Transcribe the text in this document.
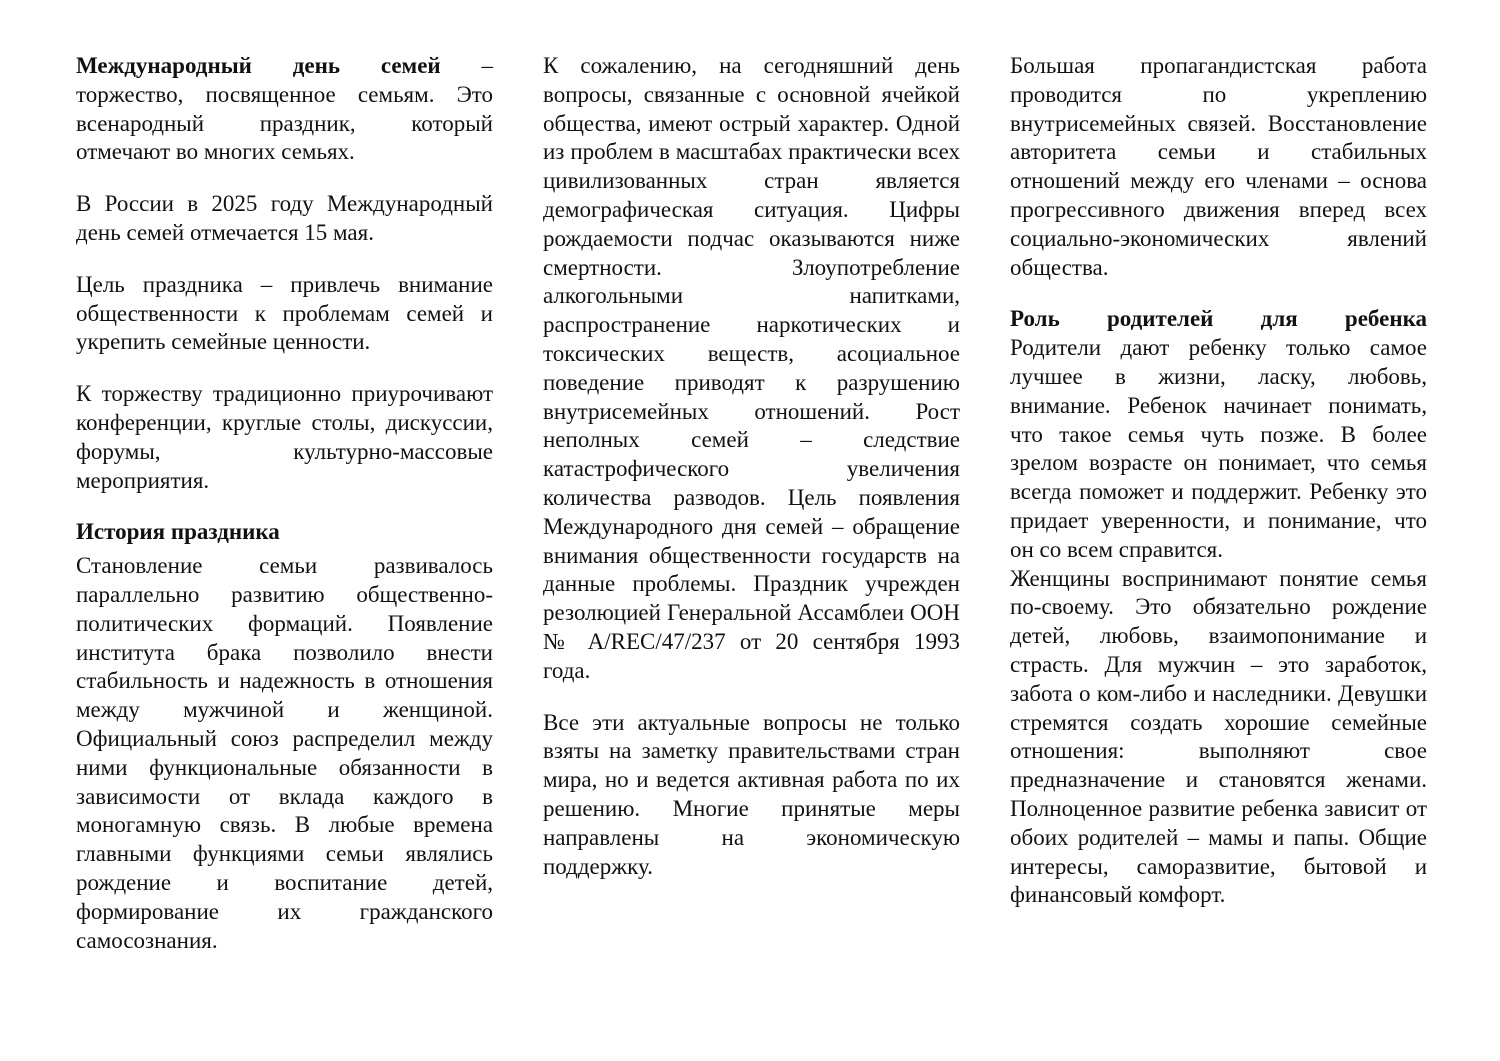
Международный день семей – торжество, посвященное семьям. Это всенародный праздник, который отмечают во многих семьях.

В России в 2025 году Международный день семей отмечается 15 мая.

Цель праздника – привлечь внимание общественности к проблемам семей и укрепить семейные ценности.

К торжеству традиционно приурочивают конференции, круглые столы, дискуссии, форумы, культурно-массовые мероприятия.

История праздника

Становление семьи развивалось параллельно развитию общественно-политических формаций. Появление института брака позволило внести стабильность и надежность в отношения между мужчиной и женщиной. Официальный союз распределил между ними функциональные обязанности в зависимости от вклада каждого в моногамную связь. В любые времена главными функциями семьи являлись рождение и воспитание детей, формирование их гражданского самосознания.

К сожалению, на сегодняшний день вопросы, связанные с основной ячейкой общества, имеют острый характер. Одной из проблем в масштабах практически всех цивилизованных стран является демографическая ситуация. Цифры рождаемости подчас оказываются ниже смертности. Злоупотребление алкогольными напитками, распространение наркотических и токсических веществ, асоциальное поведение приводят к разрушению внутрисемейных отношений. Рост неполных семей – следствие катастрофического увеличения количества разводов. Цель появления Международного дня семей – обращение внимания общественности государств на данные проблемы. Праздник учрежден резолюцией Генеральной Ассамблеи ООН № A/REC/47/237 от 20 сентября 1993 года.

Все эти актуальные вопросы не только взяты на заметку правительствами стран мира, но и ведется активная работа по их решению. Многие принятые меры направлены на экономическую поддержку.

Большая пропагандистская работа проводится по укреплению внутрисемейных связей. Восстановление авторитета семьи и стабильных отношений между его членами – основа прогрессивного движения вперед всех социально-экономических явлений общества.

Роль родителей для ребенка

Родители дают ребенку только самое лучшее в жизни, ласку, любовь, внимание. Ребенок начинает понимать, что такое семья чуть позже. В более зрелом возрасте он понимает, что семья всегда поможет и поддержит. Ребенку это придает уверенности, и понимание, что он со всем справится.

Женщины воспринимают понятие семья по-своему. Это обязательно рождение детей, любовь, взаимопонимание и страсть. Для мужчин – это заработок, забота о ком-либо и наследники. Девушки стремятся создать хорошие семейные отношения: выполняют свое предназначение и становятся женами. Полноценное развитие ребенка зависит от обоих родителей – мамы и папы. Общие интересы, саморазвитие, бытовой и финансовый комфорт.
